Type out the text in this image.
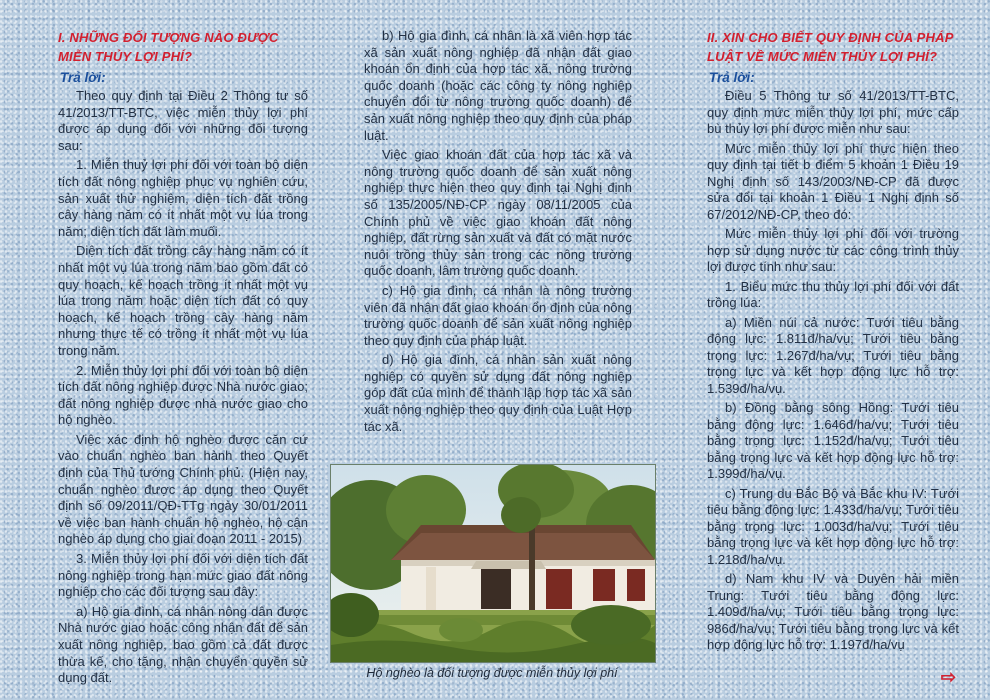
I. NHỮNG ĐỐI TƯỢNG NÀO ĐƯỢC MIỄN THỦY LỢI PHÍ?
Trả lời:

Theo quy định tại Điều 2 Thông tư số 41/2013/TT-BTC, việc miễn thủy lợi phí được áp dụng đối với những đối tượng sau:

1. Miễn thuỷ lợi phí đối với toàn bộ diện tích đất nông nghiệp phục vụ nghiên cứu, sản xuất thử nghiệm, diện tích đất trồng cây hàng năm có ít nhất một vụ lúa trong năm; diện tích đất làm muối.

Diện tích đất trồng cây hàng năm có ít nhất một vụ lúa trong năm bao gồm đất có quy hoạch, kế hoạch trồng ít nhất một vụ lúa trong năm hoặc diện tích đất có quy hoạch, kế hoạch trồng cây hàng năm nhưng thực tế có trồng ít nhất một vụ lúa trong năm.

2. Miễn thủy lợi phí đối với toàn bộ diện tích đất nông nghiệp được Nhà nước giao; đất nông nghiệp được nhà nước giao cho hộ nghèo.

Việc xác định hộ nghèo được căn cứ vào chuẩn nghèo ban hành theo Quyết định của Thủ tướng Chính phủ. (Hiện nay, chuẩn nghèo được áp dụng theo Quyết định số 09/2011/QĐ-TTg ngày 30/01/2011 về việc ban hành chuẩn hộ nghèo, hộ cận nghèo áp dụng cho giai đoạn 2011 - 2015)

3. Miễn thủy lợi phí đối với diện tích đất nông nghiệp trong hạn mức giao đất nông nghiệp cho các đối tượng sau đây:

a) Hộ gia đình, cá nhân nông dân được Nhà nước giao hoặc công nhận đất để sản xuất nông nghiệp, bao gồm cả đất được thừa kế, cho tặng, nhận chuyển quyền sử dụng đất.

b) Hộ gia đình, cá nhân là xã viên hợp tác xã sản xuất nông nghiệp đã nhận đất giao khoán ổn định của hợp tác xã, nông trường quốc doanh (hoặc các công ty nông nghiệp chuyển đổi từ nông trường quốc doanh) để sản xuất nông nghiệp theo quy định của pháp luật.

Việc giao khoán đất của hợp tác xã và nông trường quốc doanh để sản xuất nông nghiệp thực hiện theo quy định tại Nghị định số 135/2005/NĐ-CP ngày 08/11/2005 của Chính phủ về việc giao khoán đất nông nghiệp, đất rừng sản xuất và đất có mặt nước nuôi trồng thủy sản trong các nông trường quốc doanh, lâm trường quốc doanh.

c) Hộ gia đình, cá nhân là nông trường viên đã nhận đất giao khoán ổn định của nông trường quốc doanh để sản xuất nông nghiệp theo quy định của pháp luật.

d) Hộ gia đình, cá nhân sản xuất nông nghiệp có quyền sử dụng đất nông nghiệp góp đất của mình để thành lập hợp tác xã sản xuất nông nghiệp theo quy định của Luật Hợp tác xã.

Hộ nghèo là đối tượng được miễn thủy lợi phí
II. XIN CHO BIẾT QUY ĐỊNH CỦA PHÁP LUẬT VỀ MỨC MIỄN THỦY LỢI PHÍ?
Trả lời:

Điều 5 Thông tư số 41/2013/TT-BTC, quy định mức miễn thủy lợi phí, mức cấp bù thủy lợi phí được miễn như sau:

Mức miễn thủy lợi phí thực hiện theo quy định tại tiết b điểm 5 khoản 1 Điều 19 Nghị định số 143/2003/NĐ-CP đã được sửa đổi tại khoản 1 Điều 1 Nghị định số 67/2012/NĐ-CP, theo đó:

Mức miễn thủy lợi phí đối với trường hợp sử dụng nước từ các công trình thủy lợi được tính như sau:

1. Biểu mức thu thủy lợi phí đối với đất trồng lúa:

a) Miền núi cả nước: Tưới tiêu bằng động lực: 1.811đ/ha/vụ; Tưới tiêu bằng trọng lực: 1.267đ/ha/vụ; Tưới tiêu bằng trọng lực và kết hợp động lực hỗ trợ: 1.539đ/ha/vụ.

b) Đồng bằng sông Hồng: Tưới tiêu bằng động lực: 1.646đ/ha/vụ; Tưới tiêu bằng trọng lực: 1.152đ/ha/vụ; Tưới tiêu bằng trọng lực và kết hợp động lực hỗ trợ: 1.399đ/ha/vụ.

c) Trung du Bắc Bộ và Bắc khu IV: Tưới tiêu bằng động lực: 1.433đ/ha/vụ; Tưới tiêu bằng trọng lực: 1.003đ/ha/vụ; Tưới tiêu bằng trọng lực và kết hợp động lực hỗ trợ: 1.218đ/ha/vụ.

d) Nam khu IV và Duyên hải miền Trung: Tưới tiêu bằng động lực: 1.409đ/ha/vụ; Tưới tiêu bằng trọng lực: 986đ/ha/vụ; Tưới tiêu bằng trọng lực và kết hợp động lực hỗ trợ: 1.197đ/ha/vụ

⇨
